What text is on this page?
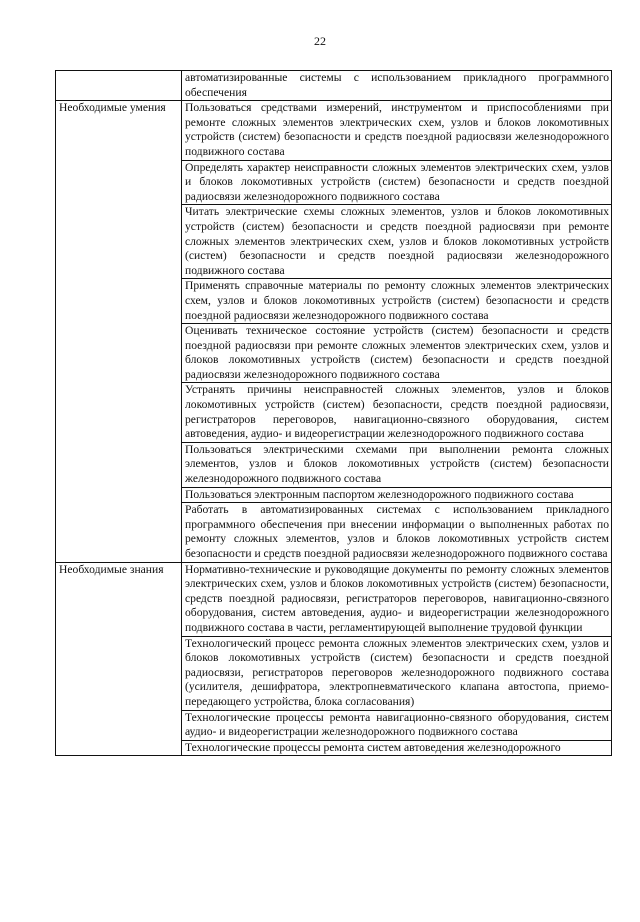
22
	автоматизированные системы с использованием прикладного программного обеспечения
Необходимые умения	Пользоваться средствами измерений, инструментом и приспособлениями при ремонте сложных элементов электрических схем, узлов и блоков локомотивных устройств (систем) безопасности и средств поездной радиосвязи железнодорожного подвижного состава
	Определять характер неисправности сложных элементов электрических схем, узлов и блоков локомотивных устройств (систем) безопасности и средств поездной радиосвязи железнодорожного подвижного состава
	Читать электрические схемы сложных элементов, узлов и блоков локомотивных устройств (систем) безопасности и средств поездной радиосвязи при ремонте сложных элементов электрических схем, узлов и блоков локомотивных устройств (систем) безопасности и средств поездной радиосвязи железнодорожного подвижного состава
	Применять справочные материалы по ремонту сложных элементов электрических схем, узлов и блоков локомотивных устройств (систем) безопасности и средств поездной радиосвязи железнодорожного подвижного состава
	Оценивать техническое состояние устройств (систем) безопасности и средств поездной радиосвязи при ремонте сложных элементов электрических схем, узлов и блоков локомотивных устройств (систем) безопасности и средств поездной радиосвязи железнодорожного подвижного состава
	Устранять причины неисправностей сложных элементов, узлов и блоков локомотивных устройств (систем) безопасности, средств поездной радиосвязи, регистраторов переговоров, навигационно-связного оборудования, систем автоведения, аудио- и видеорегистрации железнодорожного подвижного состава
	Пользоваться электрическими схемами при выполнении ремонта сложных элементов, узлов и блоков локомотивных устройств (систем) безопасности железнодорожного подвижного состава
	Пользоваться электронным паспортом железнодорожного подвижного состава
	Работать в автоматизированных системах с использованием прикладного программного обеспечения при внесении информации о выполненных работах по ремонту сложных элементов, узлов и блоков локомотивных устройств систем безопасности и средств поездной радиосвязи железнодорожного подвижного состава
Необходимые знания	Нормативно-технические и руководящие документы по ремонту сложных элементов электрических схем, узлов и блоков локомотивных устройств (систем) безопасности, средств поездной радиосвязи, регистраторов переговоров, навигационно-связного оборудования, систем автоведения, аудио- и видеорегистрации железнодорожного подвижного состава в части, регламентирующей выполнение трудовой функции
	Технологический процесс ремонта сложных элементов электрических схем, узлов и блоков локомотивных устройств (систем) безопасности и средств поездной радиосвязи, регистраторов переговоров железнодорожного подвижного состава (усилителя, дешифратора, электропневматического клапана автостопа, приемо-передающего устройства, блока согласования)
	Технологические процессы ремонта навигационно-связного оборудования, систем аудио- и видеорегистрации железнодорожного подвижного состава
	Технологические процессы ремонта систем автоведения железнодорожного
